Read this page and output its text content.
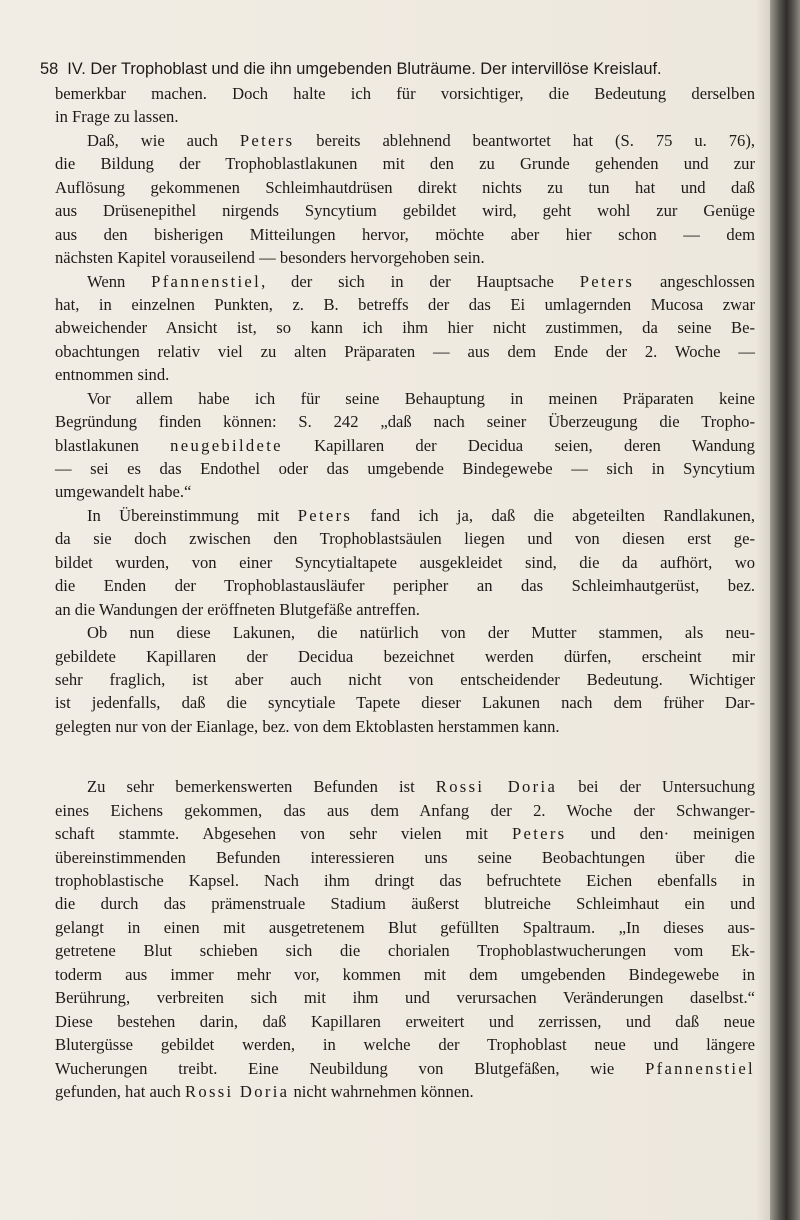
58 IV. Der Trophoblast und die ihn umgebenden Bluträume. Der intervillöse Kreislauf.
bemerkbar machen. Doch halte ich für vorsichtiger, die Bedeutung derselben
in Frage zu lassen.
Daß, wie auch Peters bereits ablehnend beantwortet hat (S. 75 u. 76),
die Bildung der Trophoblastlakunen mit den zu Grunde gehenden und zur
Auflösung gekommenen Schleimhautdrüsen direkt nichts zu tun hat und daß
aus Drüsenepithel nirgends Syncytium gebildet wird, geht wohl zur Genüge
aus den bisherigen Mitteilungen hervor, möchte aber hier schon — dem
nächsten Kapitel vorauseilend — besonders hervorgehoben sein.
Wenn Pfannenstiel, der sich in der Hauptsache Peters angeschlossen
hat, in einzelnen Punkten, z. B. betreffs der das Ei umlagernden Mucosa zwar
abweichender Ansicht ist, so kann ich ihm hier nicht zustimmen, da seine Be-
obachtungen relativ viel zu alten Präparaten — aus dem Ende der 2. Woche —
entnommen sind.
Vor allem habe ich für seine Behauptung in meinen Präparaten keine
Begründung finden können: S. 242 „daß nach seiner Überzeugung die Tropho-
blastlakunen neugebildete Kapillaren der Decidua seien, deren Wandung
— sei es das Endothel oder das umgebende Bindegewebe — sich in Syncytium
umgewandelt habe.“
In Übereinstimmung mit Peters fand ich ja, daß die abgeteilten Randlakunen,
da sie doch zwischen den Trophoblastsäulen liegen und von diesen erst ge-
bildet wurden, von einer Syncytialtapete ausgekleidet sind, die da aufhört, wo
die Enden der Trophoblastausläufer peripher an das Schleimhautgerüst, bez.
an die Wandungen der eröffneten Blutgefäße antreffen.
Ob nun diese Lakunen, die natürlich von der Mutter stammen, als neu-
gebildete Kapillaren der Decidua bezeichnet werden dürfen, erscheint mir
sehr fraglich, ist aber auch nicht von entscheidender Bedeutung. Wichtiger
ist jedenfalls, daß die syncytiale Tapete dieser Lakunen nach dem früher Dar-
gelegten nur von der Eianlage, bez. von dem Ektoblasten herstammen kann.
Zu sehr bemerkenswerten Befunden ist Rossi Doria bei der Untersuchung
eines Eichens gekommen, das aus dem Anfang der 2. Woche der Schwanger-
schaft stammte. Abgesehen von sehr vielen mit Peters und den· meinigen
übereinstimmenden Befunden interessieren uns seine Beobachtungen über die
trophoblastische Kapsel. Nach ihm dringt das befruchtete Eichen ebenfalls in
die durch das prämenstruale Stadium äußerst blutreiche Schleimhaut ein und
gelangt in einen mit ausgetretenem Blut gefüllten Spaltraum. „In dieses aus-
getretene Blut schieben sich die chorialen Trophoblastwucherungen vom Ek-
toderm aus immer mehr vor, kommen mit dem umgebenden Bindegewebe in
Berührung, verbreiten sich mit ihm und verursachen Veränderungen daselbst.“
Diese bestehen darin, daß Kapillaren erweitert und zerrissen, und daß neue
Blutergüsse gebildet werden, in welche der Trophoblast neue und längere
Wucherungen treibt. Eine Neubildung von Blutgefäßen, wie Pfannenstiel
gefunden, hat auch Rossi Doria nicht wahrnehmen können.
